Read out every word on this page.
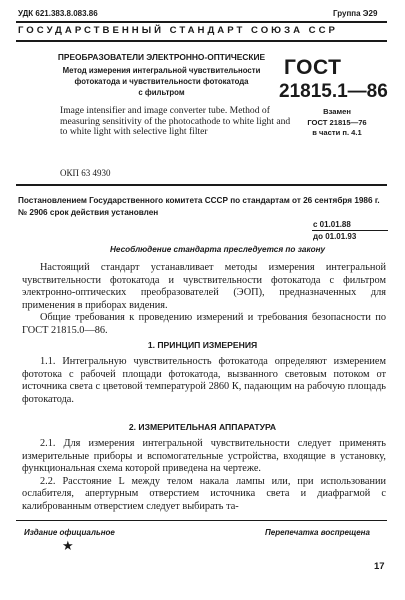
УДК 621.383.8.083.86	Группа Э29
ГОСУДАРСТВЕННЫЙ СТАНДАРТ СОЮЗА ССР
ПРЕОБРАЗОВАТЕЛИ ЭЛЕКТРОННО-ОПТИЧЕСКИЕ
Метод измерения интегральной чувствительности
фотокатода и чувствительности фотокатода
с фильтром
Image intensifier and image converter tube. Method of measuring sensitivity of the photocathode to white light and to white light with selective light filter
ОКП 63 4930
ГОСТ
21815.1—86
Взамен
ГОСТ 21815—76
в части п. 4.1
Постановлением Государственного комитета СССР по стандартам от 26 сентября 1986 г. № 2906 срок действия установлен
с 01.01.88
до 01.01.93
Несоблюдение стандарта преследуется по закону

Настоящий стандарт устанавливает методы измерения интегральной чувствительности фотокатода и чувствительности фотокатода с фильтром электронно-оптических преобразователей (ЭОП), предназначенных для применения в приборах видения.

Общие требования к проведению измерений и требования безопасности по ГОСТ 21815.0—86.

1. ПРИНЦИП ИЗМЕРЕНИЯ

1.1. Интегральную чувствительность фотокатода определяют измерением фототока с рабочей площади фотокатода, вызванного световым потоком от источника света с цветовой температурой 2860 К, падающим на рабочую площадь фотокатода.

2. ИЗМЕРИТЕЛЬНАЯ АППАРАТУРА

2.1. Для измерения интегральной чувствительности следует применять измерительные приборы и вспомогательные устройства, входящие в установку, функциональная схема которой приведена на чертеже.

2.2. Расстояние L между телом накала лампы или, при использовании ослабителя, апертурным отверстием источника света и диафрагмой с калиброванным отверстием следует выбирать та-

Издание официальное	Перепечатка воспрещена
★
17
